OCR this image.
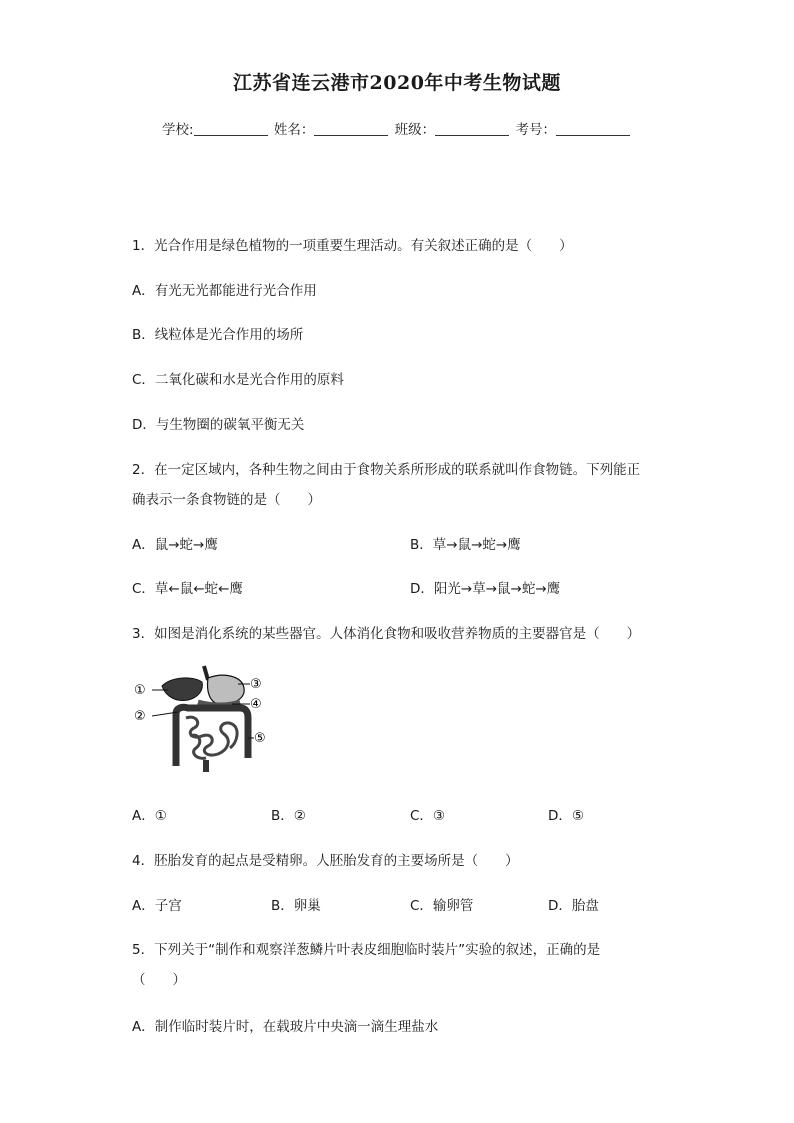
江苏省连云港市2020年中考生物试题
学校:	姓名：	班级：	考号：
1．光合作用是绿色植物的一项重要生理活动。有关叙述正确的是（　　）
A．有光无光都能进行光合作用
B．线粒体是光合作用的场所
C．二氧化碳和水是光合作用的原料
D．与生物圈的碳氧平衡无关
2．在一定区域内，各种生物之间由于食物关系所形成的联系就叫作食物链。下列能正
确表示一条食物链的是（　　）
A．鼠→蛇→鹰	B．草→鼠→蛇→鹰
C．草←鼠←蛇←鹰	D．阳光→草→鼠→蛇→鹰
3．如图是消化系统的某些器官。人体消化食物和吸收营养物质的主要器官是（　　）
①
②
③
④
⑤
A．①	B．②	C．③	D．⑤
4．胚胎发育的起点是受精卵。人胚胎发育的主要场所是（　　）
A．子宫	B．卵巢	C．输卵管	D．胎盘
5．下列关于“制作和观察洋葱鳞片叶表皮细胞临时装片”实验的叙述，正确的是
（　　）
A．制作临时装片时，在载玻片中央滴一滴生理盐水
